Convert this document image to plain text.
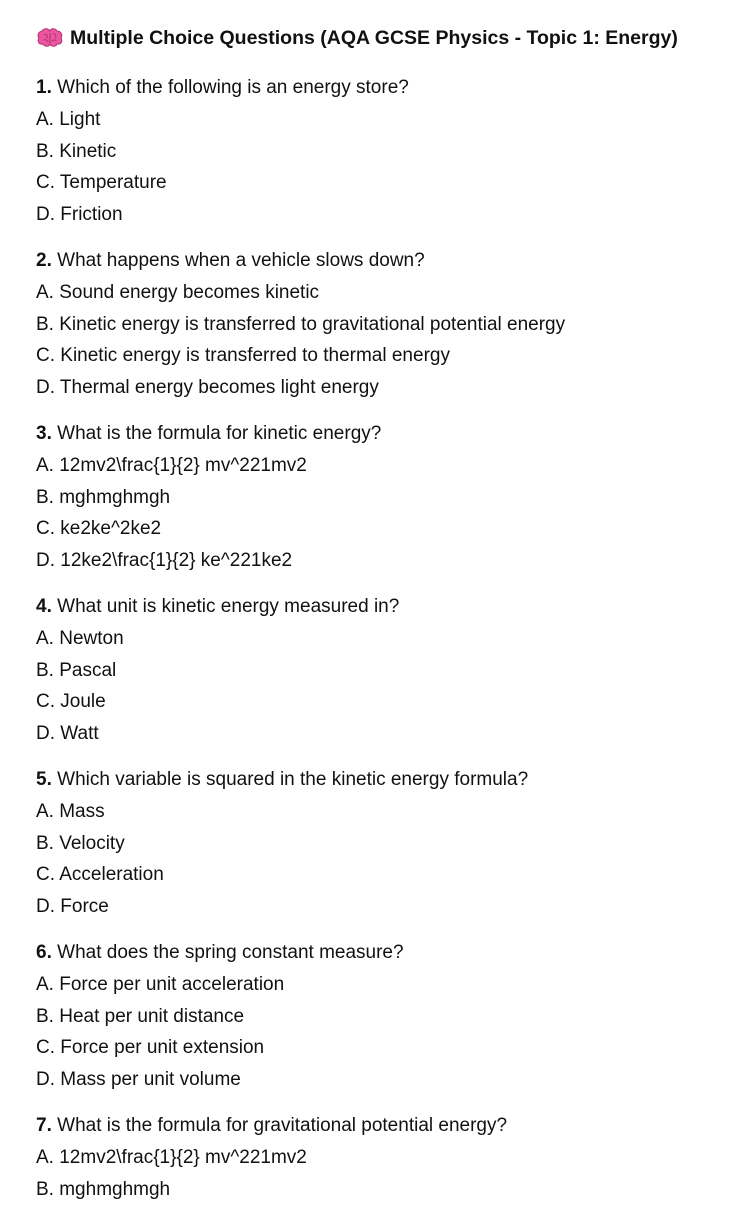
Multiple Choice Questions (AQA GCSE Physics - Topic 1: Energy)
1. Which of the following is an energy store?
A. Light
B. Kinetic
C. Temperature
D. Friction
2. What happens when a vehicle slows down?
A. Sound energy becomes kinetic
B. Kinetic energy is transferred to gravitational potential energy
C. Kinetic energy is transferred to thermal energy
D. Thermal energy becomes light energy
3. What is the formula for kinetic energy?
A. 12mv2\frac{1}{2} mv^221mv2
B. mghmghmgh
C. ke2ke^2ke2
D. 12ke2\frac{1}{2} ke^221ke2
4. What unit is kinetic energy measured in?
A. Newton
B. Pascal
C. Joule
D. Watt
5. Which variable is squared in the kinetic energy formula?
A. Mass
B. Velocity
C. Acceleration
D. Force
6. What does the spring constant measure?
A. Force per unit acceleration
B. Heat per unit distance
C. Force per unit extension
D. Mass per unit volume
7. What is the formula for gravitational potential energy?
A. 12mv2\frac{1}{2} mv^221mv2
B. mghmghmgh
